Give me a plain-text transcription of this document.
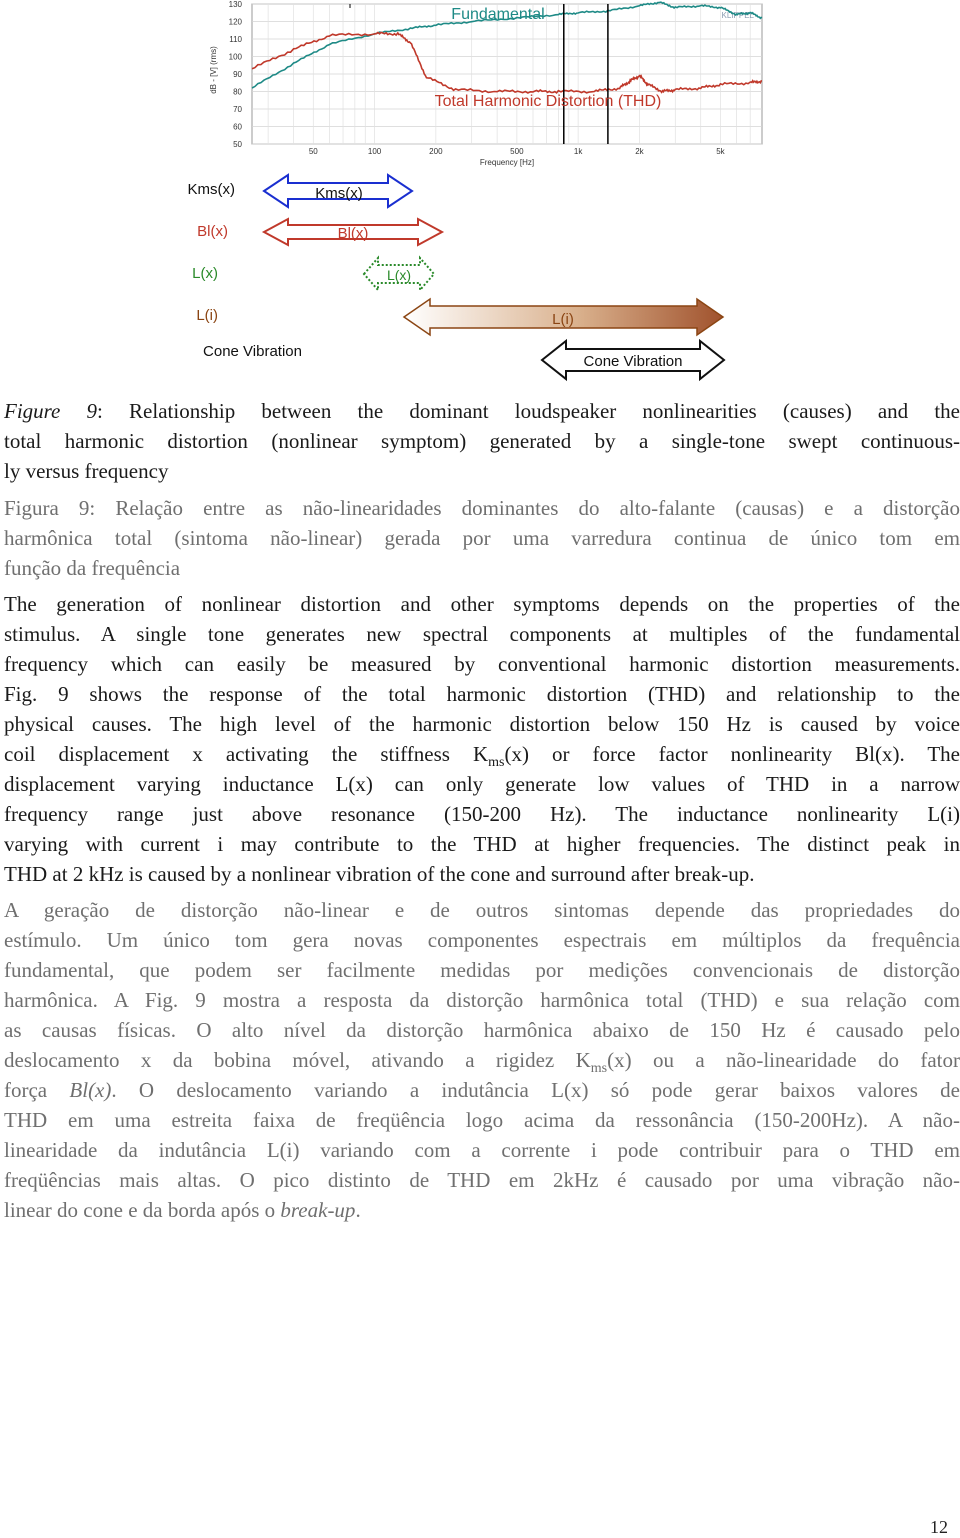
130
120
110
100
90
80
70
60
50
50	100	200	500	1k	2k	5k
dB - [V] (rms)
Frequency [Hz]
KLIPPEL
Fundamental
Total Harmonic Distortion (THD)
Kms(x)
Bl(x)
L(x)
L(i)
Cone Vibration
Kms(x)
Bl(x)
L(x)
L(i)
Cone Vibration
Figure 9: Relationship between the dominant loudspeaker nonlinearities (causes) and the
total harmonic distortion (nonlinear symptom) generated by a single-tone swept continuous-
ly versus frequency
Figura 9: Relação entre as não-linearidades dominantes do alto-falante (causas) e a distorção
harmônica total (sintoma não-linear) gerada por uma varredura continua de único tom em
função da frequência
The generation of nonlinear distortion and other symptoms depends on the properties of the
stimulus. A single tone generates new spectral components at multiples of the fundamental
frequency which can easily be measured by conventional harmonic distortion measurements.
Fig. 9 shows the response of the total harmonic distortion (THD) and relationship to the
physical causes. The high level of the harmonic distortion below 150 Hz is caused by voice
coil displacement x activating the stiffness $K_{ms}(x)$ or force factor nonlinearity Bl(x). The
displacement varying inductance L(x) can only generate low values of THD in a narrow
frequency range just above resonance (150-200 Hz). The inductance nonlinearity L(i)
varying with current i may contribute to the THD at higher frequencies. The distinct peak in
THD at 2 kHz is caused by a nonlinear vibration of the cone and surround after break-up.
A geração de distorção não-linear e de outros sintomas depende das propriedades do
estímulo. Um único tom gera novas componentes espectrais em múltiplos da frequência
fundamental, que podem ser facilmente medidas por medições convencionais de distorção
harmônica. A Fig. 9 mostra a resposta da distorção harmônica total (THD) e sua relação com
as causas físicas. O alto nível da distorção harmônica abaixo de 150 Hz é causado pelo
deslocamento x da bobina móvel, ativando a rigidez $K_{ms}(x)$ ou a não-linearidade do fator
força Bl(x). O deslocamento variando a indutância L(x) só pode gerar baixos valores de
THD em uma estreita faixa de freqüência logo acima da ressonância (150-200Hz). A não-
linearidade da indutância L(i) variando com a corrente i pode contribuir para o THD em
freqüências mais altas. O pico distinto de THD em 2kHz é causado por uma vibração não-
linear do cone e da borda após o break-up.
12
